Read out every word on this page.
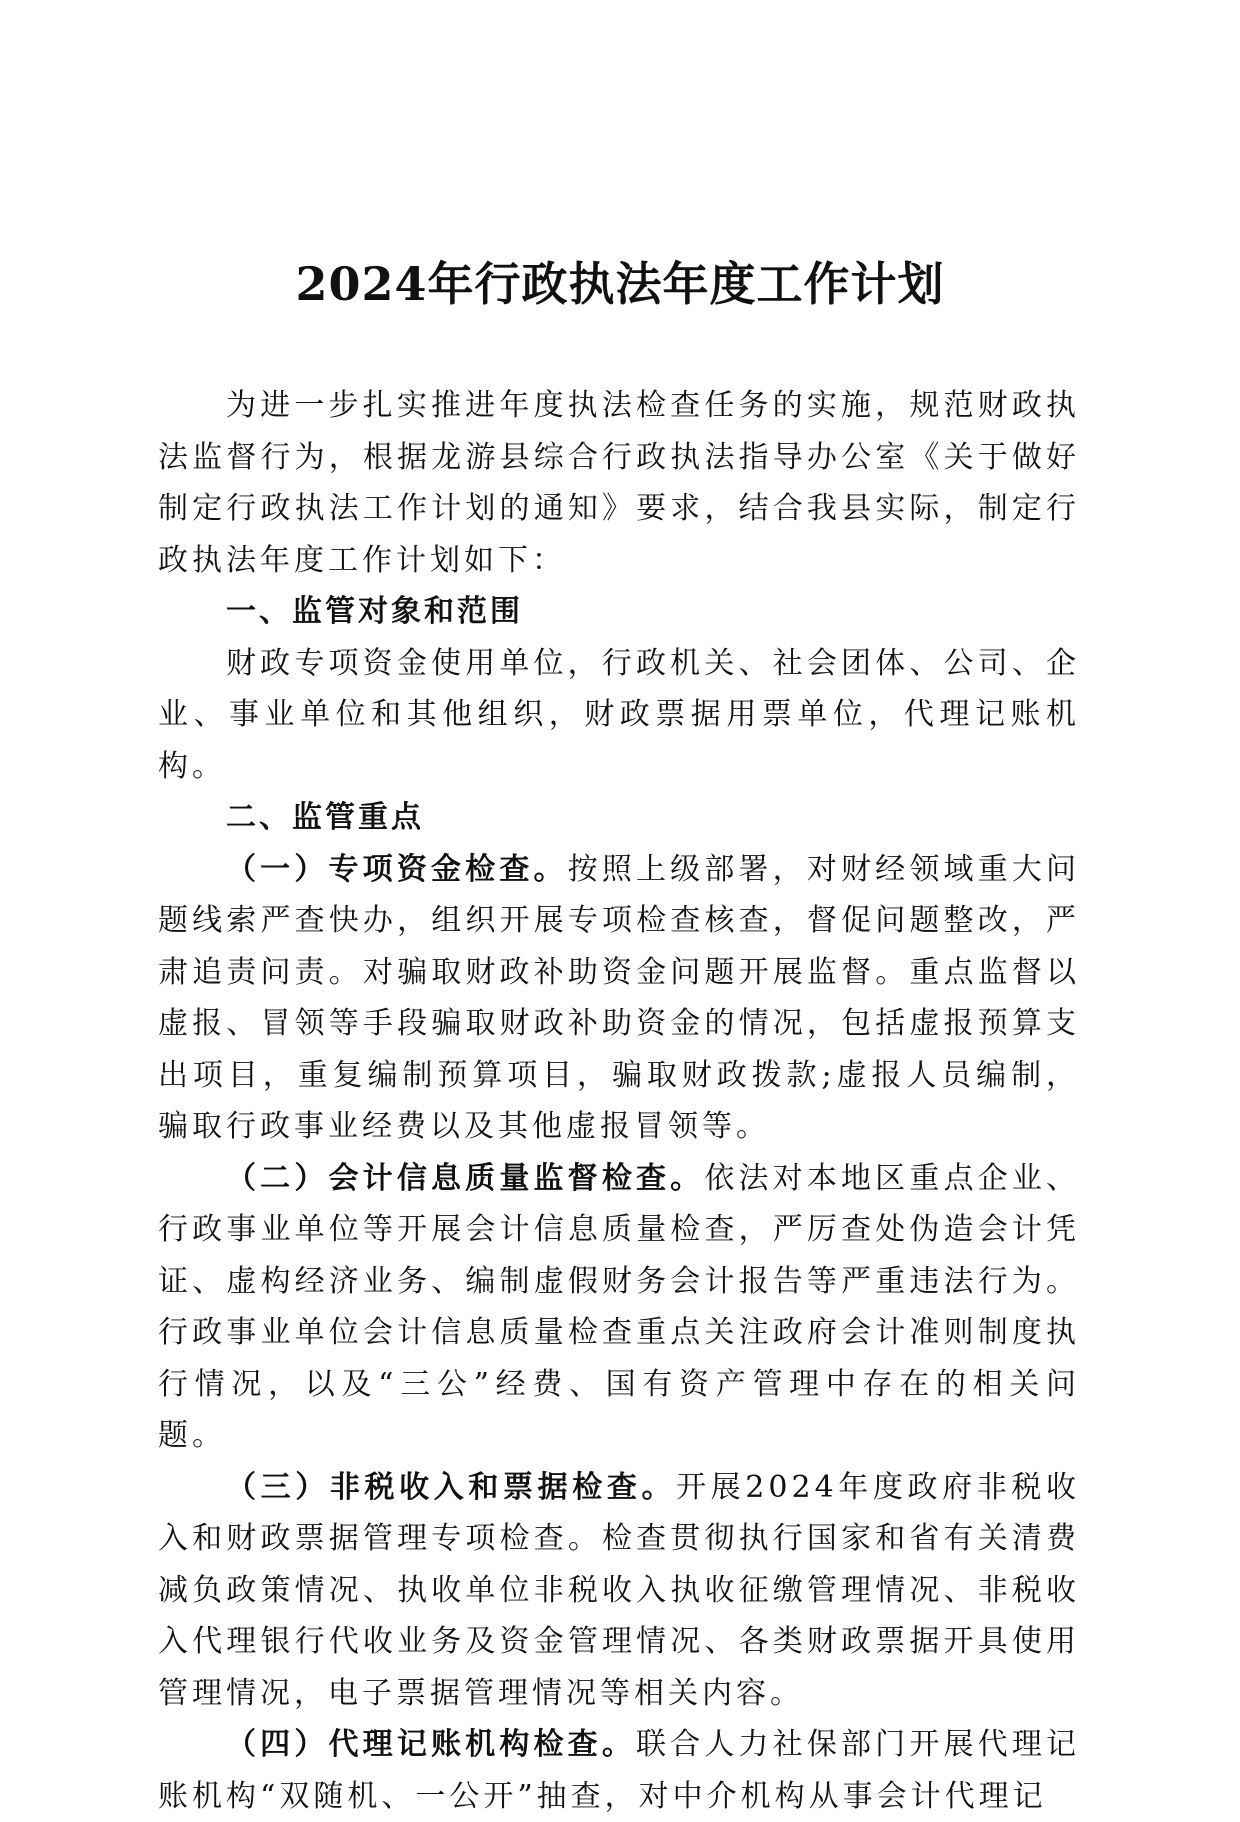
2024年行政执法年度工作计划

为进一步扎实推进年度执法检查任务的实施，规范财政执法监督行为，根据龙游县综合行政执法指导办公室《关于做好制定行政执法工作计划的通知》要求，结合我县实际，制定行政执法年度工作计划如下：

一、监管对象和范围

财政专项资金使用单位，行政机关、社会团体、公司、企业、事业单位和其他组织，财政票据用票单位，代理记账机构。

二、监管重点

（一）专项资金检查。按照上级部署，对财经领域重大问题线索严查快办，组织开展专项检查核查，督促问题整改，严肃追责问责。对骗取财政补助资金问题开展监督。重点监督以虚报、冒领等手段骗取财政补助资金的情况，包括虚报预算支出项目，重复编制预算项目，骗取财政拨款;虚报人员编制，骗取行政事业经费以及其他虚报冒领等。

（二）会计信息质量监督检查。依法对本地区重点企业、行政事业单位等开展会计信息质量检查，严厉查处伪造会计凭证、虚构经济业务、编制虚假财务会计报告等严重违法行为。行政事业单位会计信息质量检查重点关注政府会计准则制度执行情况，以及“三公”经费、国有资产管理中存在的相关问题。

（三）非税收入和票据检查。开展2024年度政府非税收入和财政票据管理专项检查。检查贯彻执行国家和省有关清费减负政策情况、执收单位非税收入执收征缴管理情况、非税收入代理银行代收业务及资金管理情况、各类财政票据开具使用管理情况，电子票据管理情况等相关内容。

（四）代理记账机构检查。联合人力社保部门开展代理记账机构“双随机、一公开”抽查，对中介机构从事会计代理记
